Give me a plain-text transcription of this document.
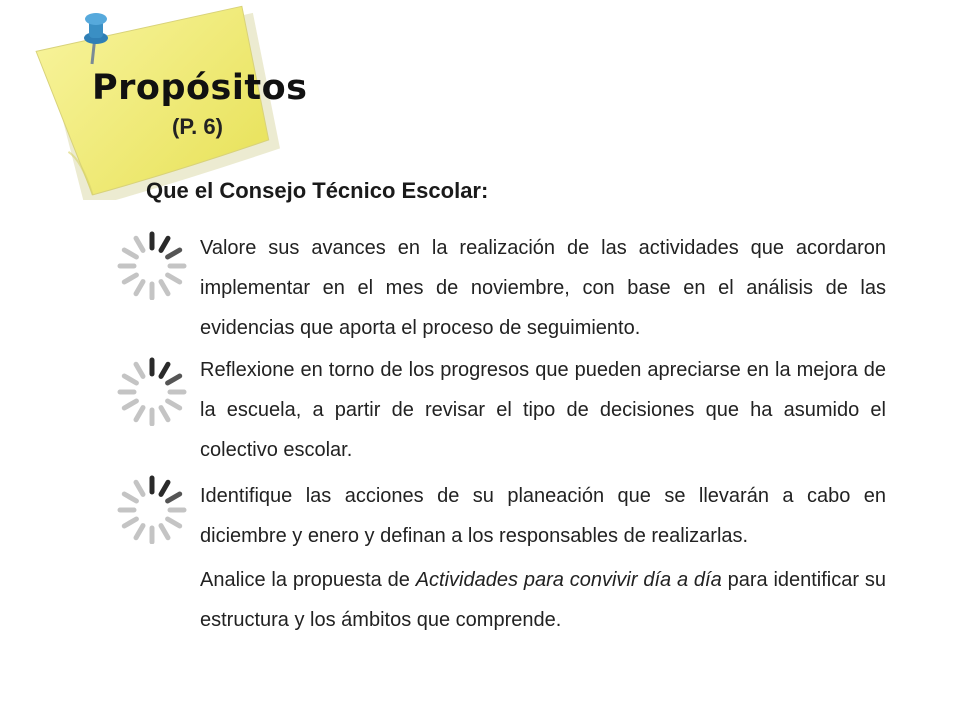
Propósitos
(P. 6)
Que el Consejo Técnico Escolar:
Valore sus avances en la realización de las actividades que acordaron implementar en el mes de noviembre, con base en el análisis de las evidencias que aporta el proceso de seguimiento.
Reflexione en torno de los progresos que pueden apreciarse en la mejora de la escuela, a partir de revisar el tipo de decisiones que ha asumido el colectivo escolar.
Identifique las acciones de su planeación que se llevarán a cabo en diciembre y enero y definan a los responsables de realizarlas.
Analice la propuesta de Actividades para convivir día a día para identificar su estructura y los ámbitos que comprende.
